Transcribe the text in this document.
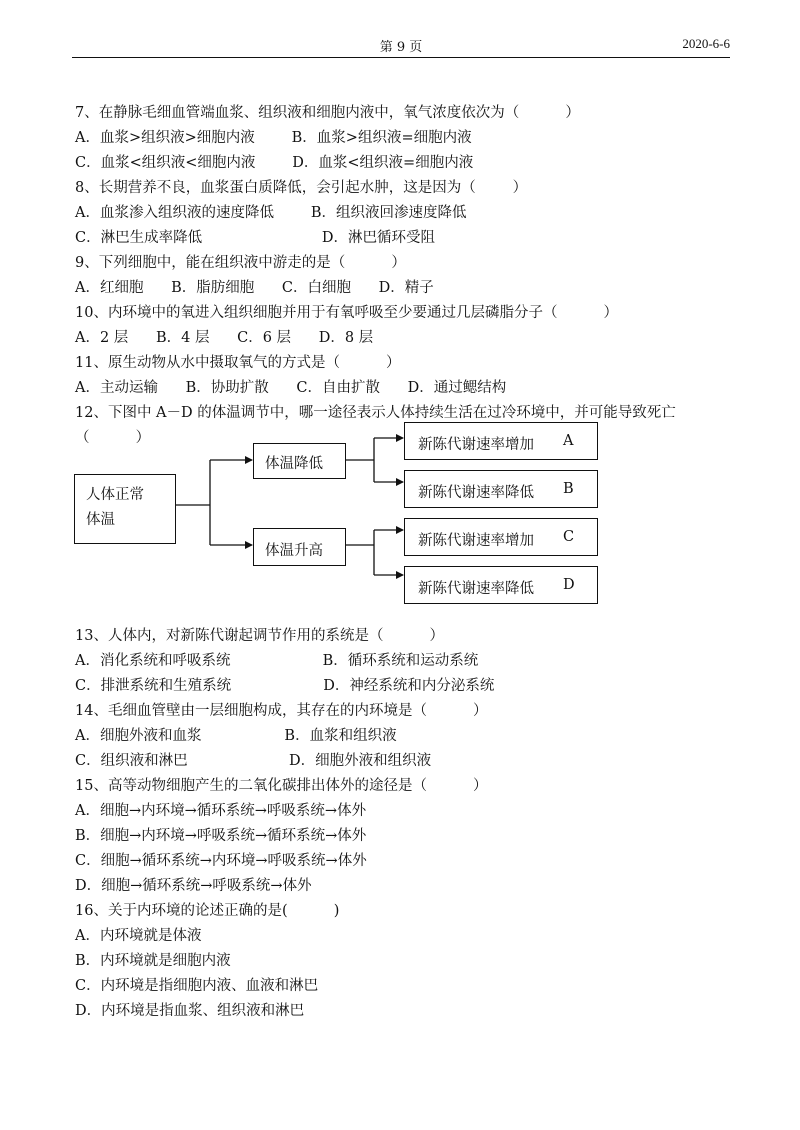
第 9 页	2020-6-6
7、在静脉毛细血管端血浆、组织液和细胞内液中，氧气浓度依次为（          ）
A．血浆>组织液>细胞内液        B．血浆>组织液=细胞内液
C．血浆<组织液<细胞内液        D．血浆<组织液=细胞内液
8、长期营养不良，血浆蛋白质降低，会引起水肿，这是因为（        ）
A．血浆渗入组织液的速度降低        B．组织液回渗速度降低
C．淋巴生成率降低                          D．淋巴循环受阻
9、下列细胞中，能在组织液中游走的是（          ）
A．红细胞      B．脂肪细胞      C．白细胞      D．精子
10、内环境中的氧进入组织细胞并用于有氧呼吸至少要通过几层磷脂分子（          ）
A．2 层      B．4 层      C．6 层      D．8 层
11、原生动物从水中摄取氧气的方式是（          ）
A．主动运输      B．协助扩散      C．自由扩散      D．通过鳃结构
12、下图中 A－D 的体温调节中，哪一途径表示人体持续生活在过冷环境中，并可能导致死亡
（          ）
人体正常
体温
体温降低
体温升高
新陈代谢速率增加 A
新陈代谢速率降低 B
新陈代谢速率增加 C
新陈代谢速率降低 D
13、人体内，对新陈代谢起调节作用的系统是（          ）
A．消化系统和呼吸系统                    B．循环系统和运动系统
C．排泄系统和生殖系统                    D．神经系统和内分泌系统
14、毛细血管壁由一层细胞构成，其存在的内环境是（          ）
A．细胞外液和血浆                  B．血浆和组织液
C．组织液和淋巴                      D．细胞外液和组织液
15、高等动物细胞产生的二氧化碳排出体外的途径是（          ）
A．细胞→内环境→循环系统→呼吸系统→体外
B．细胞→内环境→呼吸系统→循环系统→体外
C．细胞→循环系统→内环境→呼吸系统→体外
D．细胞→循环系统→呼吸系统→体外
16、关于内环境的论述正确的是(          )
A．内环境就是体液
B．内环境就是细胞内液
C．内环境是指细胞内液、血液和淋巴
D．内环境是指血浆、组织液和淋巴
